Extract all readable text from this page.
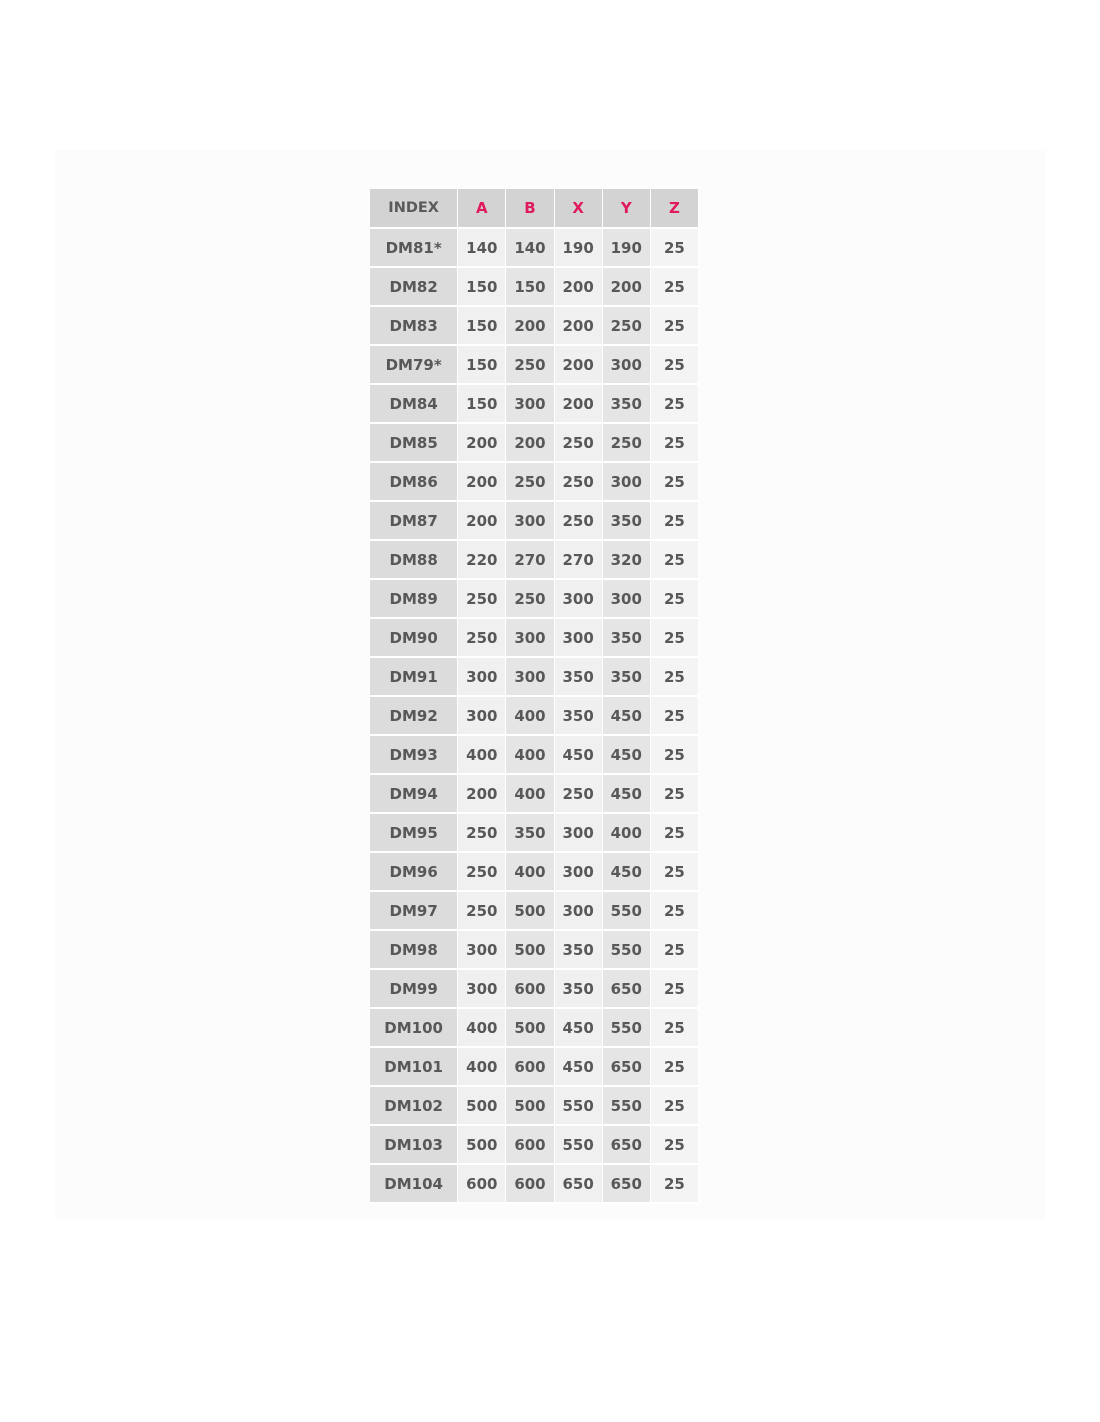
INDEX	A	B	X	Y	Z
DM81*	140	140	190	190	25
DM82	150	150	200	200	25
DM83	150	200	200	250	25
DM79*	150	250	200	300	25
DM84	150	300	200	350	25
DM85	200	200	250	250	25
DM86	200	250	250	300	25
DM87	200	300	250	350	25
DM88	220	270	270	320	25
DM89	250	250	300	300	25
DM90	250	300	300	350	25
DM91	300	300	350	350	25
DM92	300	400	350	450	25
DM93	400	400	450	450	25
DM94	200	400	250	450	25
DM95	250	350	300	400	25
DM96	250	400	300	450	25
DM97	250	500	300	550	25
DM98	300	500	350	550	25
DM99	300	600	350	650	25
DM100	400	500	450	550	25
DM101	400	600	450	650	25
DM102	500	500	550	550	25
DM103	500	600	550	650	25
DM104	600	600	650	650	25
